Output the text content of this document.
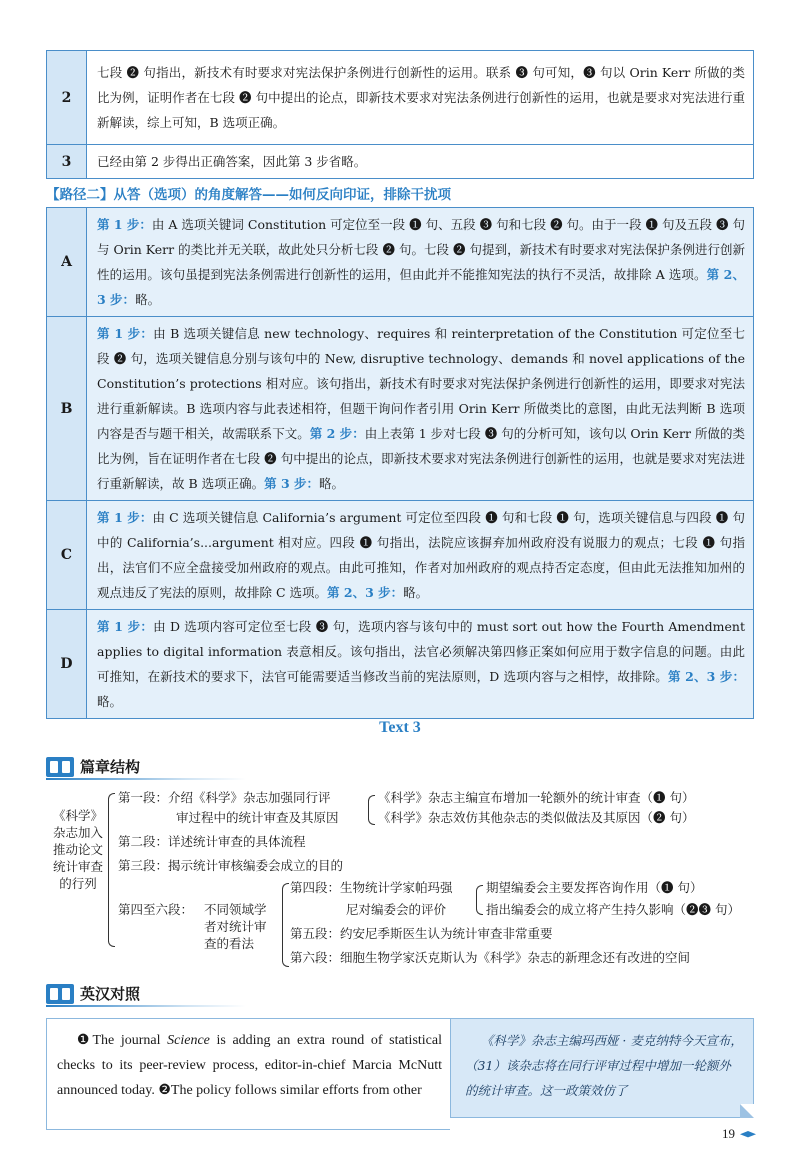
2	七段 ❷ 句指出，新技术有时要求对宪法保护条例进行创新性的运用。联系 ❸ 句可知，❸ 句以 Orin Kerr 所做的类比为例，证明作者在七段 ❷ 句中提出的论点，即新技术要求对宪法条例进行创新性的运用，也就是要求对宪法进行重新解读，综上可知，B 选项正确。
3	已经由第 2 步得出正确答案，因此第 3 步省略。
【路径二】从答（选项）的角度解答——如何反向印证，排除干扰项
A	第 1 步：由 A 选项关键词 Constitution 可定位至一段 ❶ 句、五段 ❸ 句和七段 ❷ 句。由于一段 ❶ 句及五段 ❸ 句与 Orin Kerr 的类比并无关联，故此处只分析七段 ❷ 句。七段 ❷ 句提到，新技术有时要求对宪法保护条例进行创新性的运用。该句虽提到宪法条例需进行创新性的运用，但由此并不能推知宪法的执行不灵活，故排除 A 选项。第 2、3 步：略。
B	第 1 步：由 B 选项关键信息 new technology、requires 和 reinterpretation of the Constitution 可定位至七段 ❷ 句，选项关键信息分别与该句中的 New, disruptive technology、demands 和 novel applications of the Constitution’s protections 相对应。该句指出，新技术有时要求对宪法保护条例进行创新性的运用，即要求对宪法进行重新解读。B 选项内容与此表述相符，但题干询问作者引用 Orin Kerr 所做类比的意图，由此无法判断 B 选项内容是否与题干相关，故需联系下文。第 2 步：由上表第 1 步对七段 ❸ 句的分析可知，该句以 Orin Kerr 所做的类比为例，旨在证明作者在七段 ❷ 句中提出的论点，即新技术要求对宪法条例进行创新性的运用，也就是要求对宪法进行重新解读，故 B 选项正确。第 3 步：略。
C	第 1 步：由 C 选项关键信息 California’s argument 可定位至四段 ❶ 句和七段 ❶ 句，选项关键信息与四段 ❶ 句中的 California’s...argument 相对应。四段 ❶ 句指出，法院应该摒弃加州政府没有说服力的观点；七段 ❶ 句指出，法官们不应全盘接受加州政府的观点。由此可推知，作者对加州政府的观点持否定态度，但由此无法推知加州的观点违反了宪法的原则，故排除 C 选项。第 2、3 步：略。
D	第 1 步：由 D 选项内容可定位至七段 ❸ 句，选项内容与该句中的 must sort out how the Fourth Amendment applies to digital information 表意相反。该句指出，法官必须解决第四修正案如何应用于数字信息的问题。由此可推知，在新技术的要求下，法官可能需要适当修改当前的宪法原则，D 选项内容与之相悖，故排除。第 2、3 步：略。
Text 3
篇章结构
《科学》
杂志加入
推动论文
统计审查
的行列
第一段：介绍《科学》杂志加强同行评
审过程中的统计审查及其原因
《科学》杂志主编宣布增加一轮额外的统计审查（❶ 句）
《科学》杂志效仿其他杂志的类似做法及其原因（❷ 句）
第二段：详述统计审查的具体流程
第三段：揭示统计审核编委会成立的目的
第四至六段： 不同领域学
者对统计审
查的看法
第四段：生物统计学家帕玛强
尼对编委会的评价
期望编委会主要发挥咨询作用（❶ 句）
指出编委会的成立将产生持久影响（❷❸ 句）
第五段：约安尼季斯医生认为统计审查非常重要
第六段：细胞生物学家沃克斯认为《科学》杂志的新理念还有改进的空间
英汉对照
❶The journal Science is adding an extra round of statistical checks to its peer-review process, editor-in-chief Marcia McNutt announced today. ❷The policy follows similar efforts from other
《科学》杂志主编玛西娅 · 麦克纳特今天宣布，（31）该杂志将在同行评审过程中增加一轮额外的统计审查。这一政策效仿了
19
